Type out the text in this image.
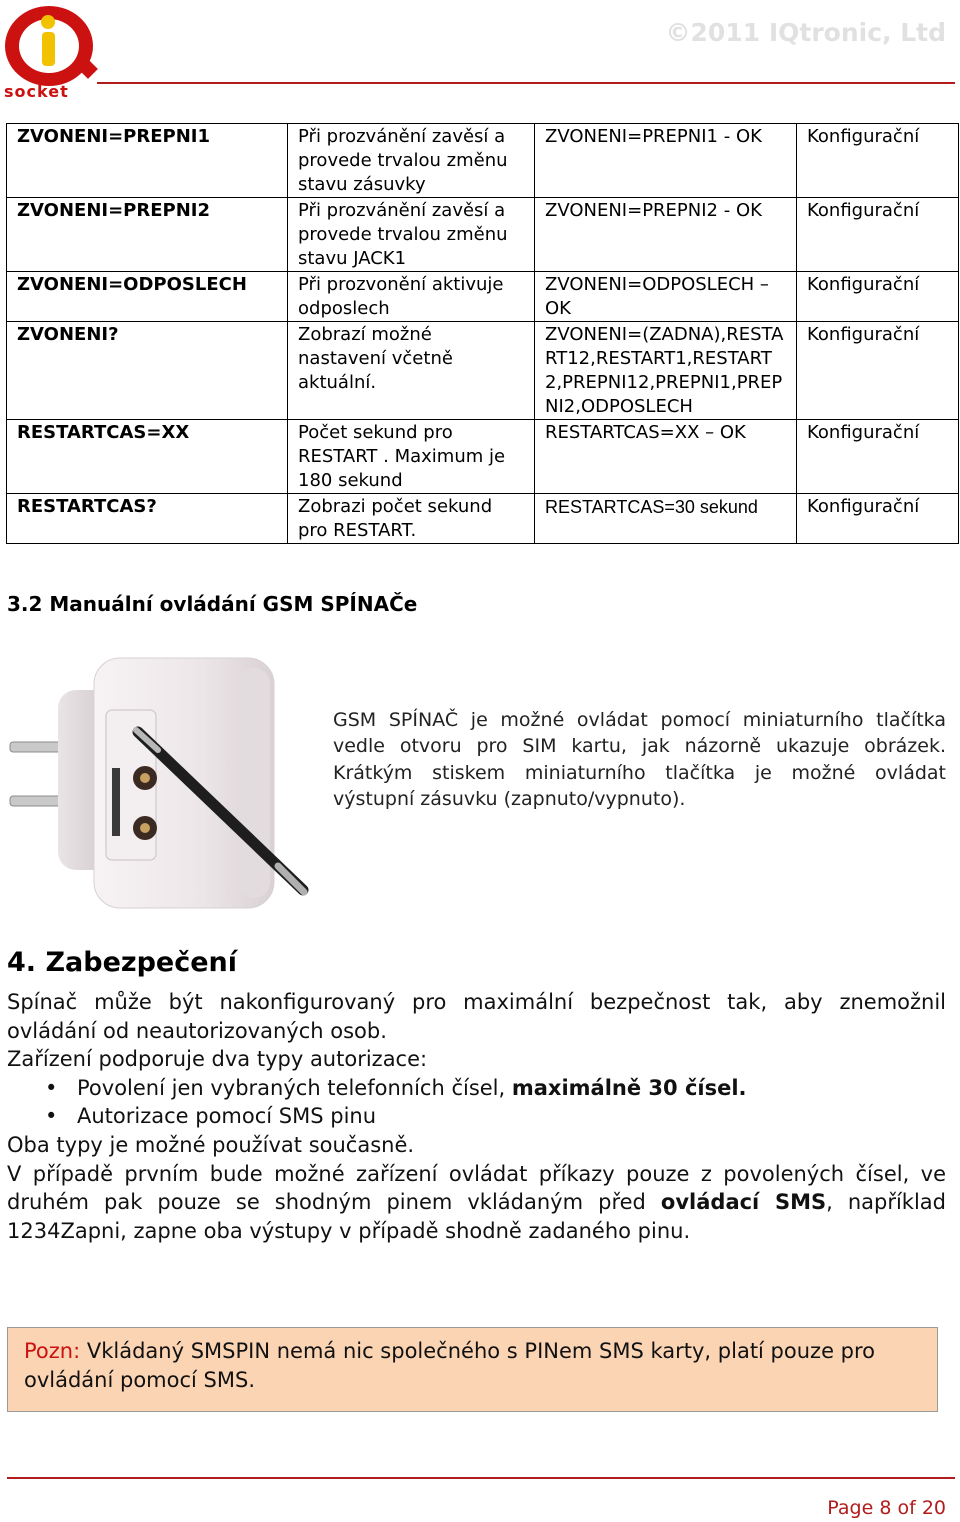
socket
©2011 IQtronic, Ltd
ZVONENI=PREPNI1	Při prozvánění zavěsí a provede trvalou změnu stavu zásuvky	ZVONENI=PREPNI1 - OK	Konfigurační
ZVONENI=PREPNI2	Při prozvánění zavěsí a provede trvalou změnu stavu JACK1	ZVONENI=PREPNI2 - OK	Konfigurační
ZVONENI=ODPOSLECH	Při prozvonění aktivuje odposlech	ZVONENI=ODPOSLECH – OK	Konfigurační
ZVONENI?	Zobrazí možné nastavení včetně aktuální.	ZVONENI=(ZADNA),RESTART12,RESTART1,RESTART2,PREPNI12,PREPNI1,PREPNI2,ODPOSLECH	Konfigurační
RESTARTCAS=XX	Počet sekund pro RESTART . Maximum je 180 sekund	RESTARTCAS=XX – OK	Konfigurační
RESTARTCAS?	Zobrazi počet sekund pro RESTART.	RESTARTCAS=30 sekund	Konfigurační
3.2 Manuální ovládání GSM SPÍNAČe

GSM SPÍNAČ je možné ovládat pomocí miniaturního tlačítka vedle otvoru pro SIM kartu, jak názorně ukazuje obrázek. Krátkým stiskem miniaturního tlačítka je možné ovládat výstupní zásuvku (zapnuto/vypnuto).

4. Zabezpečení

Spínač může být nakonfigurovaný pro maximální bezpečnost tak, aby znemožnil ovládání od neautorizovaných osob.

Zařízení podporuje dva typy autorizace:

• Povolení jen vybraných telefonních čísel, maximálně 30 čísel.
• Autorizace pomocí SMS pinu

Oba typy je možné používat současně.

V případě prvním bude možné zařízení ovládat příkazy pouze z povolených čísel, ve druhém pak pouze se shodným pinem vkládaným před ovládací SMS, například 1234Zapni, zapne oba výstupy v případě shodně zadaného pinu.

Pozn: Vkládaný SMSPIN nemá nic společného s PINem SMS karty, platí pouze pro ovládání pomocí SMS.
Page 8 of 20
